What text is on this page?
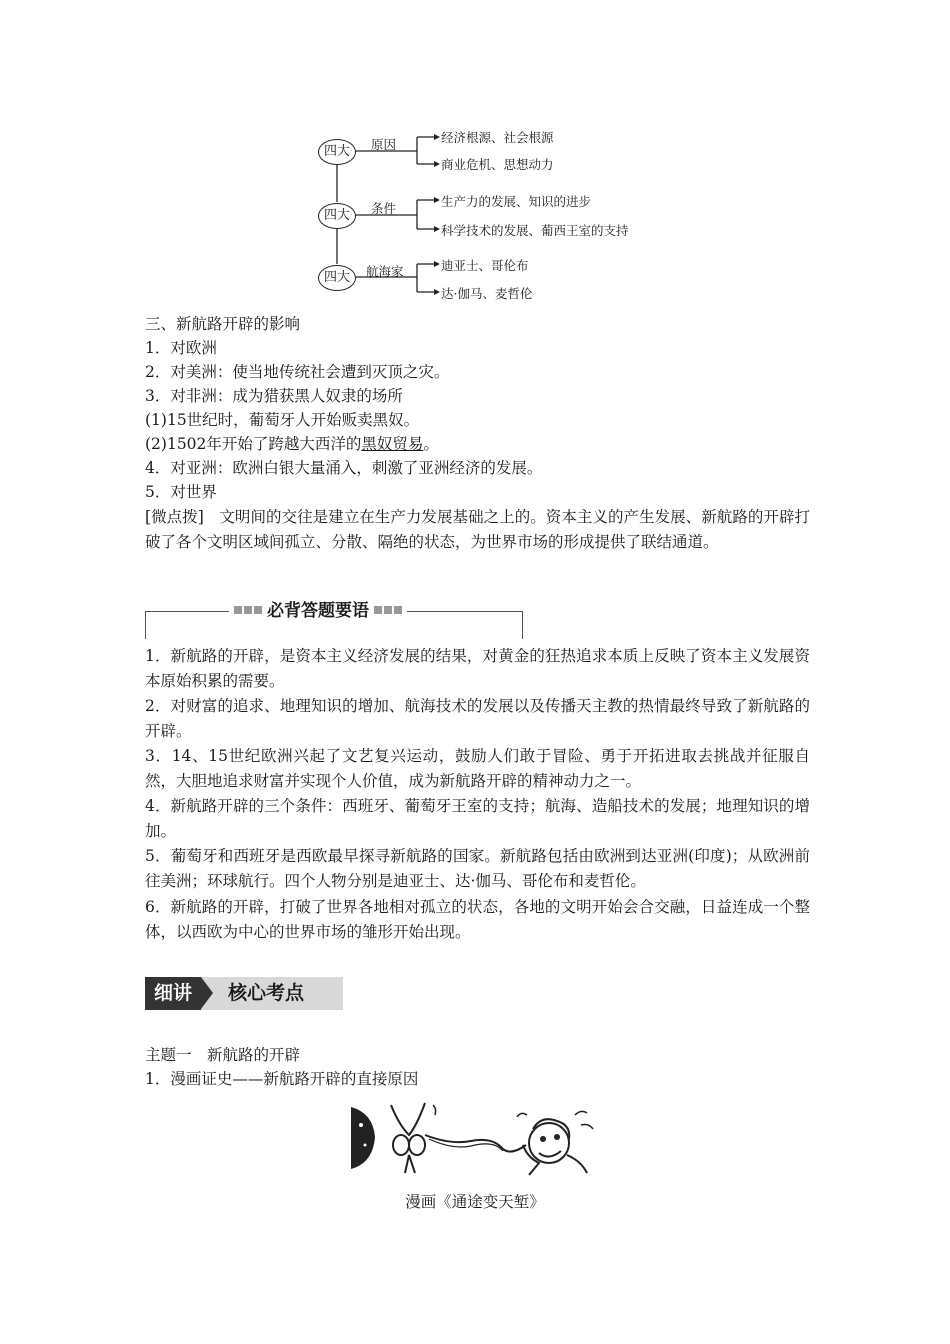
四大	原因	经济根源、社会根源
商业危机、思想动力
四大	条件	生产力的发展、知识的进步
科学技术的发展、葡西王室的支持
四大	航海家	迪亚士、哥伦布
达·伽马、麦哲伦
三、新航路开辟的影响
1．对欧洲
2．对美洲：使当地传统社会遭到灭顶之灾。
3．对非洲：成为猎获黑人奴隶的场所
(1)15世纪时，葡萄牙人开始贩卖黑奴。
(2)1502年开始了跨越大西洋的黑奴贸易。
4．对亚洲：欧洲白银大量涌入，刺激了亚洲经济的发展。
5．对世界
[微点拨]　文明间的交往是建立在生产力发展基础之上的。资本主义的产生发展、新航路的开辟打破了各个文明区域间孤立、分散、隔绝的状态，为世界市场的形成提供了联结通道。
必背答题要语
1．新航路的开辟，是资本主义经济发展的结果，对黄金的狂热追求本质上反映了资本主义发展资本原始积累的需要。
2．对财富的追求、地理知识的增加、航海技术的发展以及传播天主教的热情最终导致了新航路的开辟。
3．14、15世纪欧洲兴起了文艺复兴运动，鼓励人们敢于冒险、勇于开拓进取去挑战并征服自然，大胆地追求财富并实现个人价值，成为新航路开辟的精神动力之一。
4．新航路开辟的三个条件：西班牙、葡萄牙王室的支持；航海、造船技术的发展；地理知识的增加。
5．葡萄牙和西班牙是西欧最早探寻新航路的国家。新航路包括由欧洲到达亚洲(印度)；从欧洲前往美洲；环球航行。四个人物分别是迪亚士、达·伽马、哥伦布和麦哲伦。
6．新航路的开辟，打破了世界各地相对孤立的状态，各地的文明开始会合交融，日益连成一个整体，以西欧为中心的世界市场的雏形开始出现。
细讲	核心考点
主题一　新航路的开辟
1．漫画证史——新航路开辟的直接原因
漫画《通途变天堑》
